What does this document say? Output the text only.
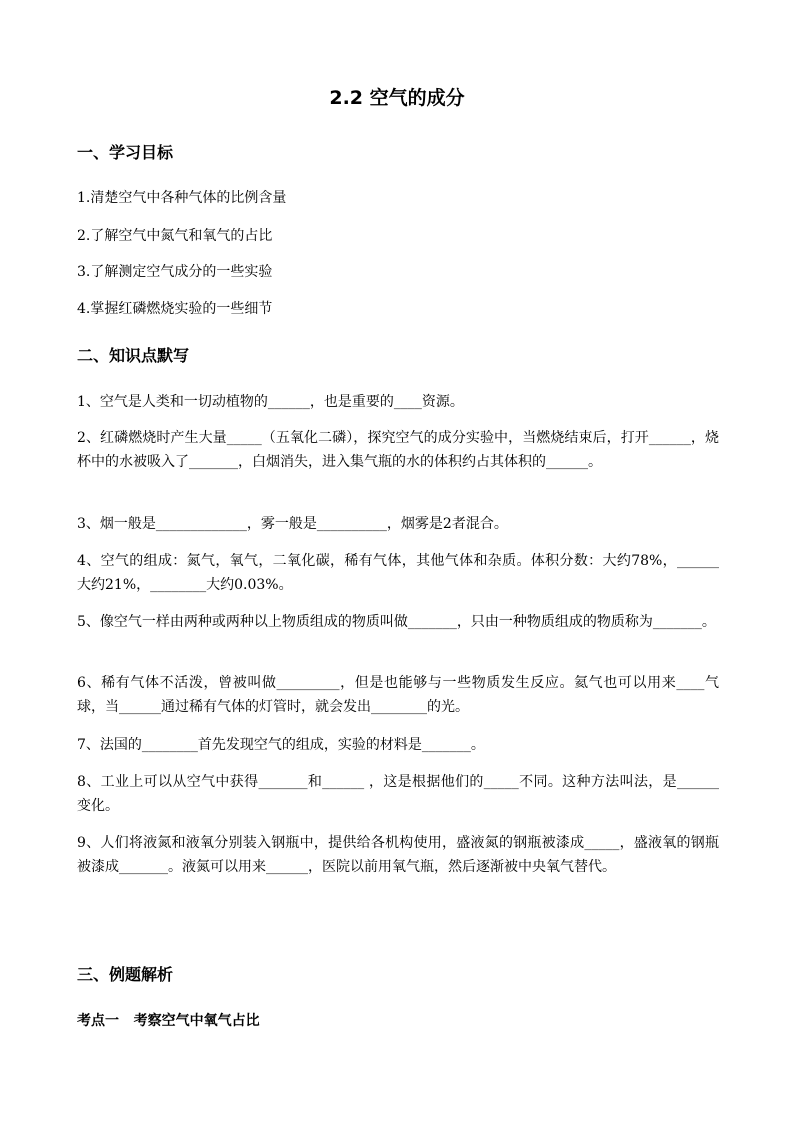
2.2 空气的成分
一、学习目标
1.清楚空气中各种气体的比例含量
2.了解空气中氮气和氧气的占比
3.了解测定空气成分的一些实验
4.掌握红磷燃烧实验的一些细节
二、知识点默写
1、空气是人类和一切动植物的______，也是重要的____资源。
2、红磷燃烧时产生大量_____（五氧化二磷），探究空气的成分实验中，当燃烧结束后，打开______，烧杯中的水被吸入了_______，白烟消失，进入集气瓶的水的体积约占其体积的______。
3、烟一般是_____________，雾一般是__________，烟雾是2者混合。
4、空气的组成：氮气，氧气，二氧化碳，稀有气体，其他气体和杂质。体积分数：大约78%，______大约21%，________大约0.03%。
5、像空气一样由两种或两种以上物质组成的物质叫做_______，只由一种物质组成的物质称为_______。
6、稀有气体不活泼，曾被叫做_________，但是也能够与一些物质发生反应。氦气也可以用来____气球，当______通过稀有气体的灯管时，就会发出________的光。
7、法国的________首先发现空气的组成，实验的材料是_______。
8、工业上可以从空气中获得_______和______ ，这是根据他们的_____不同。这种方法叫法，是______变化。
9、人们将液氮和液氧分别装入钢瓶中，提供给各机构使用，盛液氮的钢瓶被漆成_____，盛液氧的钢瓶被漆成_______。液氮可以用来______，医院以前用氧气瓶，然后逐渐被中央氧气替代。
三、例题解析
考点一   考察空气中氧气占比
